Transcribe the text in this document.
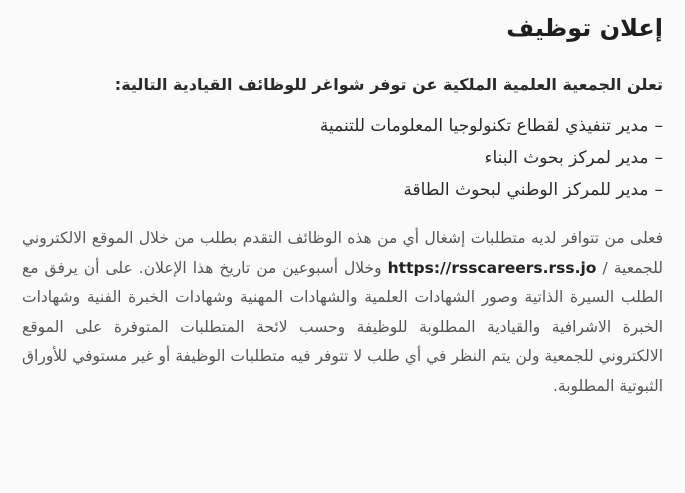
إعلان توظيف

تعلن الجمعية العلمية الملكية عن توفر شواغر للوظائف القيادية التالية:

–مدير تنفيذي لقطاع تكنولوجيا المعلومات للتنمية
–مدير لمركز بحوث البناء
–مدير للمركز الوطني لبحوث الطاقة

فعلى من تتوافر لديه متطلبات إشغال أي من هذه الوظائف التقدم بطلب من خلال الموقع الالكتروني للجمعية / https://rsscareers.rss.jo وخلال أسبوعين من تاريخ هذا الإعلان. على أن يرفق مع الطلب السيرة الذاتية وصور الشهادات العلمية والشهادات المهنية وشهادات الخبرة الفنية وشهادات الخبرة الاشرافية والقيادية المطلوبة للوظيفة وحسب لائحة المتطلبات المتوفرة على الموقع الالكتروني للجمعية ولن يتم النظر في أي طلب لا تتوفر فيه متطلبات الوظيفة أو غير مستوفي للأوراق الثبوتية المطلوبة.
